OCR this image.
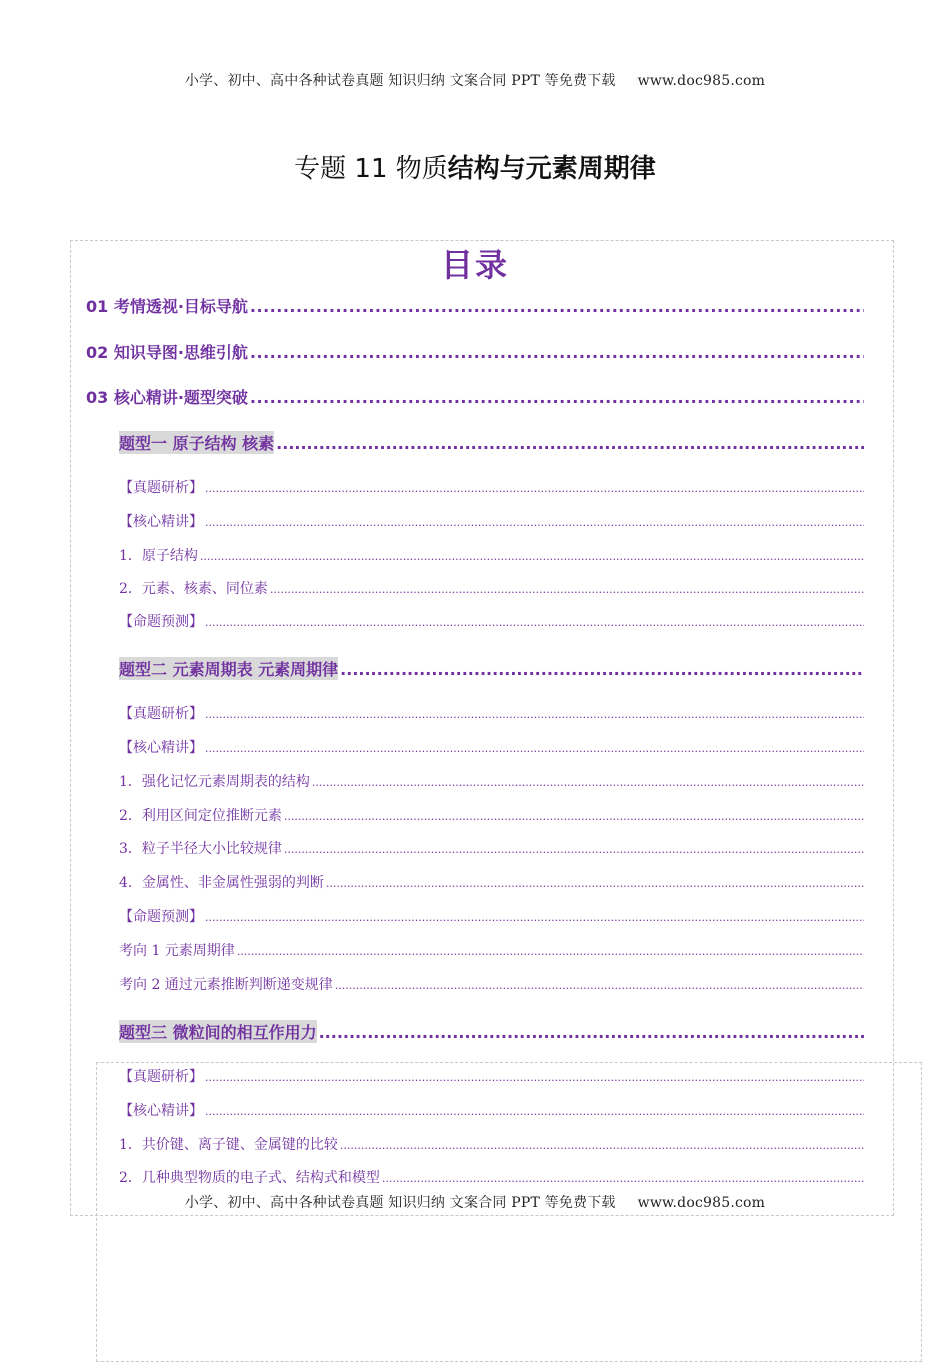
小学、初中、高中各种试卷真题 知识归纳 文案合同 PPT 等免费下载 www.doc985.com
专题 11 物质结构与元素周期律
目录
01 考情透视·目标导航
.....
02 知识导图·思维引航
.....
03 核心精讲·题型突破
.....
题型一 原子结构 核素
.....
【真题研析】
.....
【核心精讲】
.....
1．原子结构
.....
2．元素、核素、同位素
.....
【命题预测】
.....
题型二 元素周期表 元素周期律
.....
【真题研析】
.....
【核心精讲】
.....
1．强化记忆元素周期表的结构
.....
2．利用区间定位推断元素
.....
3．粒子半径大小比较规律
.....
4．金属性、非金属性强弱的判断
.....
【命题预测】
.....
考向 1 元素周期律
.....
考向 2 通过元素推断判断递变规律
.....
题型三 微粒间的相互作用力
.....
【真题研析】
.....
【核心精讲】
.....
1．共价键、离子键、金属键的比较
.....
2．几种典型物质的电子式、结构式和模型
.....
小学、初中、高中各种试卷真题 知识归纳 文案合同 PPT 等免费下载 www.doc985.com
